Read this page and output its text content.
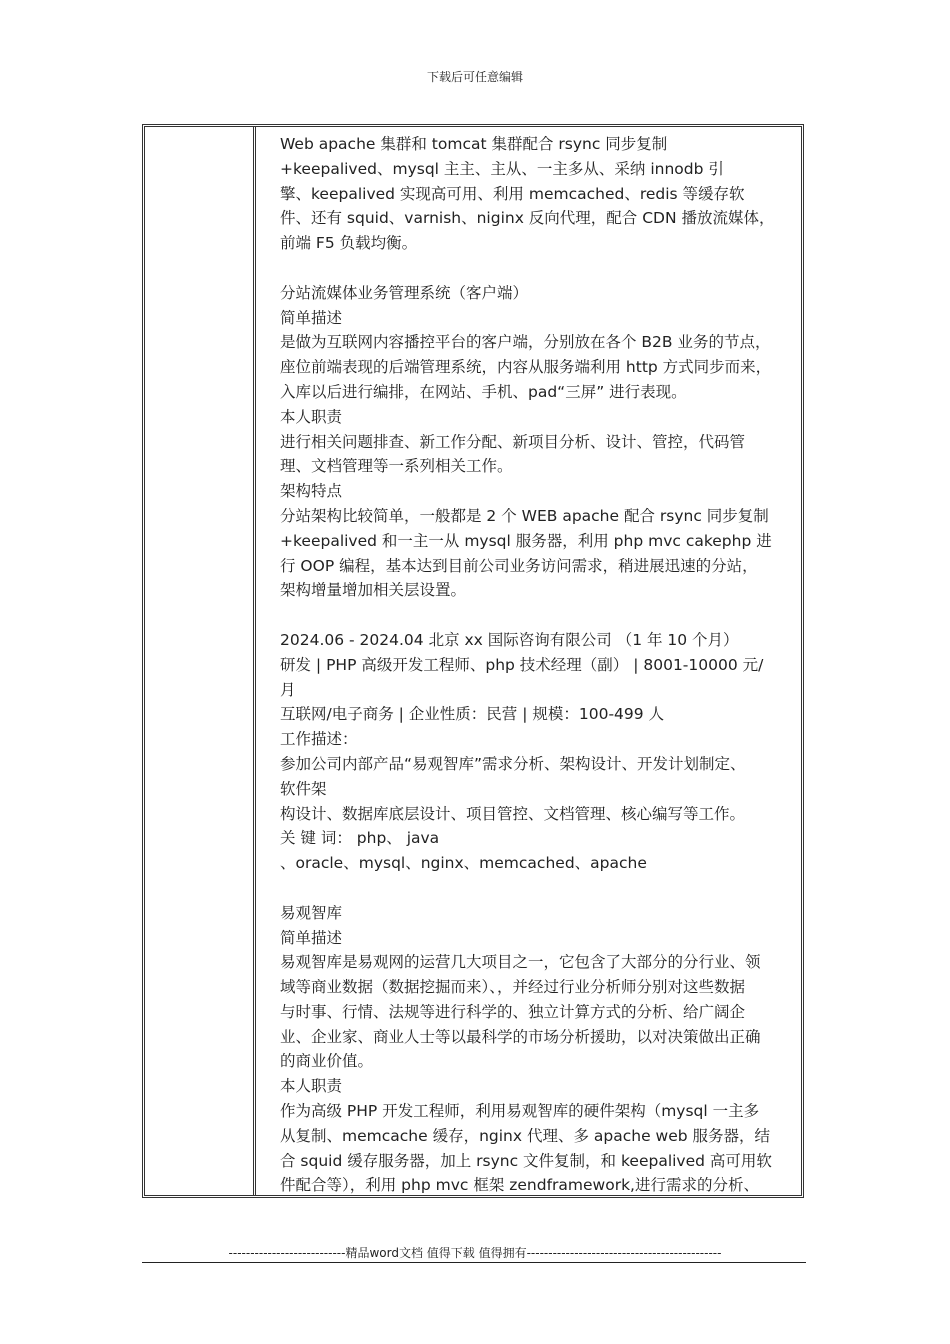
下载后可任意编辑
Web apache 集群和 tomcat 集群配合 rsync 同步复制
+keepalived、mysql 主主、主从、一主多从、采纳 innodb 引
擎、keepalived 实现高可用、利用 memcached、redis 等缓存软
件、还有 squid、varnish、niginx 反向代理，配合 CDN 播放流媒体，
前端 F5 负载均衡。
分站流媒体业务管理系统（客户端）
简单描述
是做为互联网内容播控平台的客户端，分别放在各个 B2B 业务的节点，
座位前端表现的后端管理系统，内容从服务端利用 http 方式同步而来，
入库以后进行编排，在网站、手机、pad“三屏” 进行表现。
本人职责
进行相关问题排查、新工作分配、新项目分析、设计、管控，代码管
理、文档管理等一系列相关工作。
架构特点
分站架构比较简单，一般都是 2 个 WEB apache 配合 rsync 同步复制
+keepalived 和一主一从 mysql 服务器，利用 php mvc cakephp 进
行 OOP 编程，基本达到目前公司业务访问需求，稍进展迅速的分站，
架构增量增加相关层设置。
2024.06 - 2024.04 北京 xx 国际咨询有限公司 （1 年 10 个月）
研发 | PHP 高级开发工程师、php 技术经理（副） | 8001-10000 元/
月
互联网/电子商务 | 企业性质：民营 | 规模：100-499 人
工作描述：
参加公司内部产品“易观智库”需求分析、架构设计、开发计划制定、
软件架
构设计、数据库底层设计、项目管控、文档管理、核心编写等工作。
关 键 词： php、 java
、oracle、mysql、nginx、memcached、apache
易观智库
简单描述
易观智库是易观网的运营几大项目之一，它包含了大部分的分行业、领
域等商业数据（数据挖掘而来）、，并经过行业分析师分别对这些数据
与时事、行情、法规等进行科学的、独立计算方式的分析、给广阔企
业、企业家、商业人士等以最科学的市场分析援助，以对决策做出正确
的商业价值。
本人职责
作为高级 PHP 开发工程师，利用易观智库的硬件架构（mysql 一主多
从复制、memcache 缓存，nginx 代理、多 apache web 服务器，结
合 squid 缓存服务器，加上 rsync 文件复制，和 keepalived 高可用软
件配合等），利用 php mvc 框架 zendframework,进行需求的分析、
---------------------------精品word文档 值得下载 值得拥有---------------------------------------------
